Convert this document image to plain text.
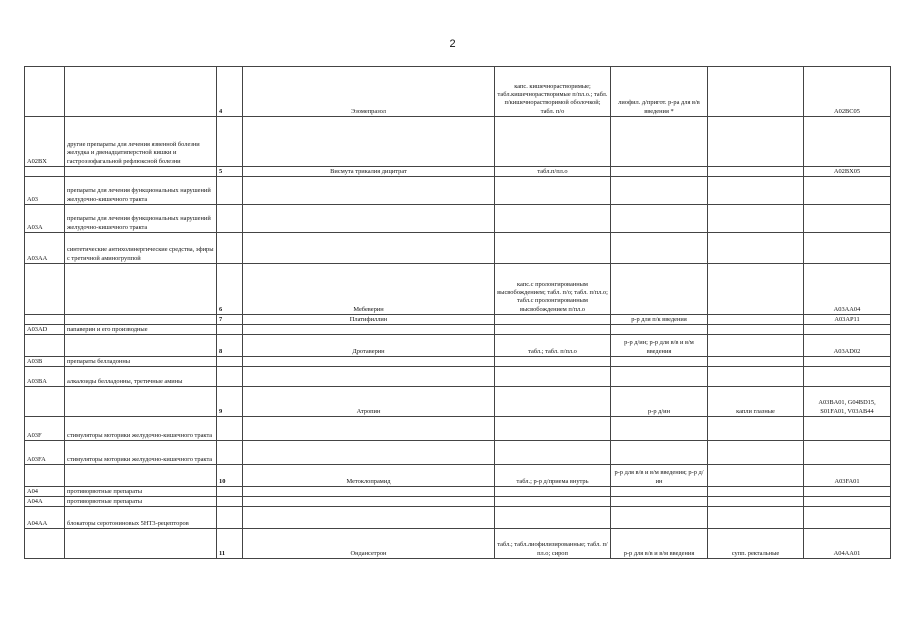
2
		4	Эзомепразол	капс. кишечнорастворимые; табл.кишечнорастворимые п/пл.о.; табл. п/кишечнорастворимой оболочкой; табл. п/о	лиофил. д/пригот. р-ра для в/в введения *		A02BC05
A02BX	другие препараты для лечения язвенной болезни желудка и двенадцатиперстной кишки и гастроэзофагальной рефлюксной болезни						
		5	Висмута трикалия дицитрат	табл.п/пл.о			A02BX05
A03	препараты для лечения функциональных нарушений желудочно-кишечного тракта						
A03A	препараты для лечения функциональных нарушений желудочно-кишечного тракта						
A03AA	синтетические антихолинергические средства, эфиры с третичной аминогруппой						
		6	Мебеверин	капс.с пролонгированным высвобождением; табл. п/о; табл. п/пл.о; табл.с пролонгированным высвобождением п/пл.о			A03AA04
		7	Платифиллин		р-р для п/к введения		A03AP11
A03AD	папаверин и его производные						
		8	Дротаверин	табл.; табл. п/пл.о	р-р д/ин; р-р для в/в и в/м введения		A03AD02
A03B	препараты белладонны						
A03BA	алкалоиды белладонны, третичные амины						
		9	Атропин		р-р д/ин	капли глазные	A03BA01, G04BD15, S01FA01, V03AB44
A03F	стимуляторы моторики желудочно-кишечного тракта						
A03FA	стимуляторы моторики желудочно-кишечного тракта						
		10	Метоклопрамид	табл.; р-р д/приема внутрь	р-р для в/в и в/м введения; р-р д/ин		A03FA01
A04	противорвотные препараты						
A04A	противорвотные препараты						
A04AA	блокаторы серотониновых 5HT3-рецепторов						
		11	Ондансетрон	табл.; табл.лиофилизированные; табл. п/пл.о; сироп	р-р для в/в и в/м введения	супп. ректальные	A04AA01
